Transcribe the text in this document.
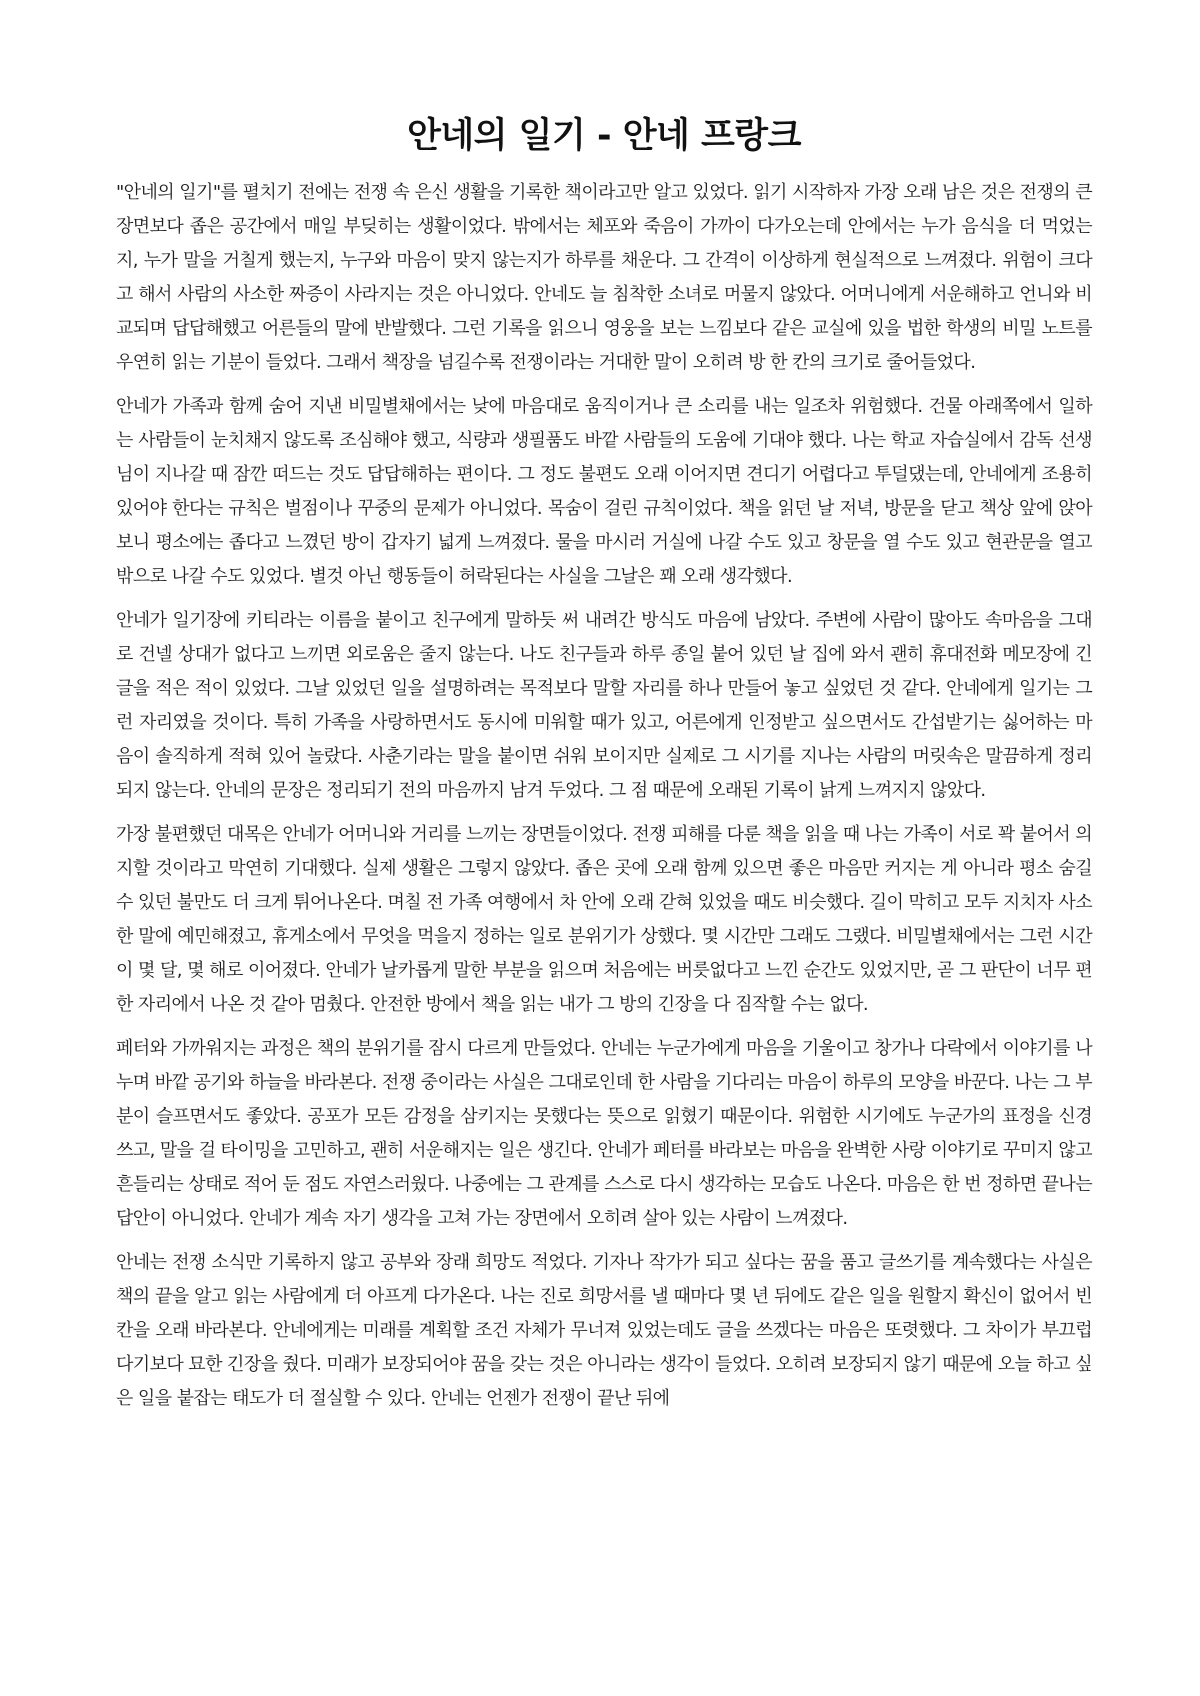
안네의 일기 - 안네 프랑크

"안네의 일기"를 펼치기 전에는 전쟁 속 은신 생활을 기록한 책이라고만 알고 있었다. 읽기 시작하자 가장 오래 남은 것은 전쟁의 큰 장면보다 좁은 공간에서 매일 부딪히는 생활이었다. 밖에서는 체포와 죽음이 가까이 다가오는데 안에서는 누가 음식을 더 먹었는지, 누가 말을 거칠게 했는지, 누구와 마음이 맞지 않는지가 하루를 채운다. 그 간격이 이상하게 현실적으로 느껴졌다. 위험이 크다고 해서 사람의 사소한 짜증이 사라지는 것은 아니었다. 안네도 늘 침착한 소녀로 머물지 않았다. 어머니에게 서운해하고 언니와 비교되며 답답해했고 어른들의 말에 반발했다. 그런 기록을 읽으니 영웅을 보는 느낌보다 같은 교실에 있을 법한 학생의 비밀 노트를 우연히 읽는 기분이 들었다. 그래서 책장을 넘길수록 전쟁이라는 거대한 말이 오히려 방 한 칸의 크기로 줄어들었다.

안네가 가족과 함께 숨어 지낸 비밀별채에서는 낮에 마음대로 움직이거나 큰 소리를 내는 일조차 위험했다. 건물 아래쪽에서 일하는 사람들이 눈치채지 않도록 조심해야 했고, 식량과 생필품도 바깥 사람들의 도움에 기대야 했다. 나는 학교 자습실에서 감독 선생님이 지나갈 때 잠깐 떠드는 것도 답답해하는 편이다. 그 정도 불편도 오래 이어지면 견디기 어렵다고 투덜댔는데, 안네에게 조용히 있어야 한다는 규칙은 벌점이나 꾸중의 문제가 아니었다. 목숨이 걸린 규칙이었다. 책을 읽던 날 저녁, 방문을 닫고 책상 앞에 앉아 보니 평소에는 좁다고 느꼈던 방이 갑자기 넓게 느껴졌다. 물을 마시러 거실에 나갈 수도 있고 창문을 열 수도 있고 현관문을 열고 밖으로 나갈 수도 있었다. 별것 아닌 행동들이 허락된다는 사실을 그날은 꽤 오래 생각했다.

안네가 일기장에 키티라는 이름을 붙이고 친구에게 말하듯 써 내려간 방식도 마음에 남았다. 주변에 사람이 많아도 속마음을 그대로 건넬 상대가 없다고 느끼면 외로움은 줄지 않는다. 나도 친구들과 하루 종일 붙어 있던 날 집에 와서 괜히 휴대전화 메모장에 긴 글을 적은 적이 있었다. 그날 있었던 일을 설명하려는 목적보다 말할 자리를 하나 만들어 놓고 싶었던 것 같다. 안네에게 일기는 그런 자리였을 것이다. 특히 가족을 사랑하면서도 동시에 미워할 때가 있고, 어른에게 인정받고 싶으면서도 간섭받기는 싫어하는 마음이 솔직하게 적혀 있어 놀랐다. 사춘기라는 말을 붙이면 쉬워 보이지만 실제로 그 시기를 지나는 사람의 머릿속은 말끔하게 정리되지 않는다. 안네의 문장은 정리되기 전의 마음까지 남겨 두었다. 그 점 때문에 오래된 기록이 낡게 느껴지지 않았다.

가장 불편했던 대목은 안네가 어머니와 거리를 느끼는 장면들이었다. 전쟁 피해를 다룬 책을 읽을 때 나는 가족이 서로 꽉 붙어서 의지할 것이라고 막연히 기대했다. 실제 생활은 그렇지 않았다. 좁은 곳에 오래 함께 있으면 좋은 마음만 커지는 게 아니라 평소 숨길 수 있던 불만도 더 크게 튀어나온다. 며칠 전 가족 여행에서 차 안에 오래 갇혀 있었을 때도 비슷했다. 길이 막히고 모두 지치자 사소한 말에 예민해졌고, 휴게소에서 무엇을 먹을지 정하는 일로 분위기가 상했다. 몇 시간만 그래도 그랬다. 비밀별채에서는 그런 시간이 몇 달, 몇 해로 이어졌다. 안네가 날카롭게 말한 부분을 읽으며 처음에는 버릇없다고 느낀 순간도 있었지만, 곧 그 판단이 너무 편한 자리에서 나온 것 같아 멈췄다. 안전한 방에서 책을 읽는 내가 그 방의 긴장을 다 짐작할 수는 없다.

페터와 가까워지는 과정은 책의 분위기를 잠시 다르게 만들었다. 안네는 누군가에게 마음을 기울이고 창가나 다락에서 이야기를 나누며 바깥 공기와 하늘을 바라본다. 전쟁 중이라는 사실은 그대로인데 한 사람을 기다리는 마음이 하루의 모양을 바꾼다. 나는 그 부분이 슬프면서도 좋았다. 공포가 모든 감정을 삼키지는 못했다는 뜻으로 읽혔기 때문이다. 위험한 시기에도 누군가의 표정을 신경 쓰고, 말을 걸 타이밍을 고민하고, 괜히 서운해지는 일은 생긴다. 안네가 페터를 바라보는 마음을 완벽한 사랑 이야기로 꾸미지 않고 흔들리는 상태로 적어 둔 점도 자연스러웠다. 나중에는 그 관계를 스스로 다시 생각하는 모습도 나온다. 마음은 한 번 정하면 끝나는 답안이 아니었다. 안네가 계속 자기 생각을 고쳐 가는 장면에서 오히려 살아 있는 사람이 느껴졌다.

안네는 전쟁 소식만 기록하지 않고 공부와 장래 희망도 적었다. 기자나 작가가 되고 싶다는 꿈을 품고 글쓰기를 계속했다는 사실은 책의 끝을 알고 읽는 사람에게 더 아프게 다가온다. 나는 진로 희망서를 낼 때마다 몇 년 뒤에도 같은 일을 원할지 확신이 없어서 빈칸을 오래 바라본다. 안네에게는 미래를 계획할 조건 자체가 무너져 있었는데도 글을 쓰겠다는 마음은 또렷했다. 그 차이가 부끄럽다기보다 묘한 긴장을 줬다. 미래가 보장되어야 꿈을 갖는 것은 아니라는 생각이 들었다. 오히려 보장되지 않기 때문에 오늘 하고 싶은 일을 붙잡는 태도가 더 절실할 수 있다. 안네는 언젠가 전쟁이 끝난 뒤에
